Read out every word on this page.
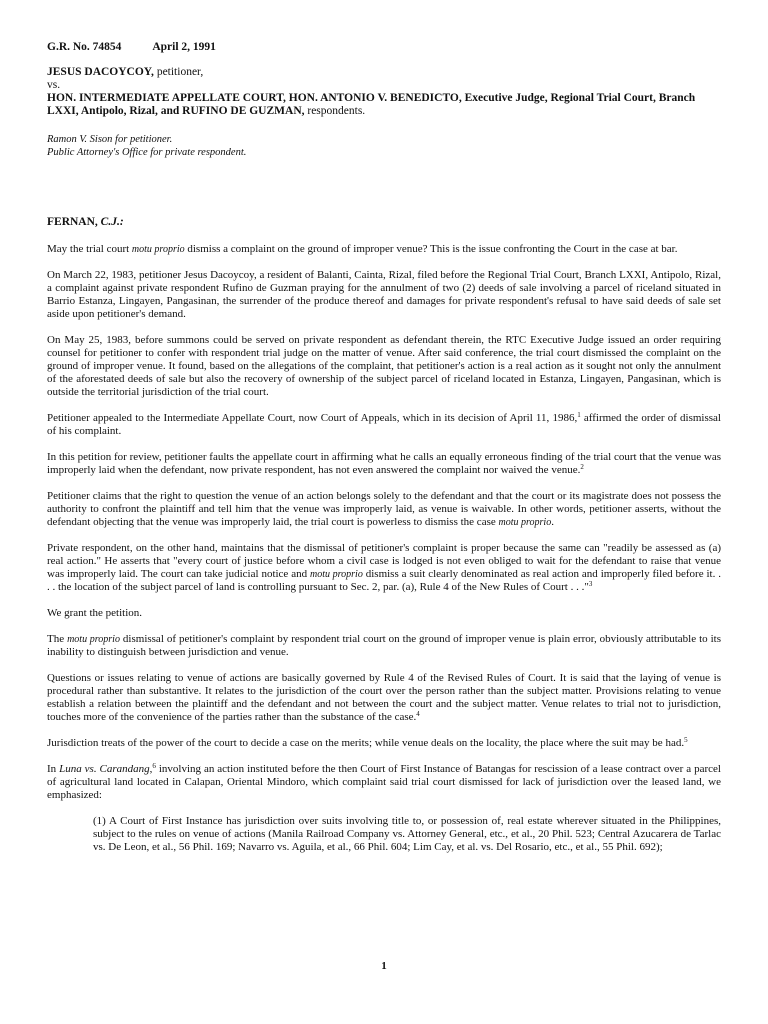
G.R. No. 74854	April 2, 1991
JESUS DACOYCOY, petitioner,
vs.
HON. INTERMEDIATE APPELLATE COURT, HON. ANTONIO V. BENEDICTO, Executive Judge, Regional Trial Court, Branch LXXI, Antipolo, Rizal, and RUFINO DE GUZMAN, respondents.
Ramon V. Sison for petitioner.
Public Attorney's Office for private respondent.
FERNAN, C.J.:

May the trial court motu proprio dismiss a complaint on the ground of improper venue? This is the issue confronting the Court in the case at bar.

On March 22, 1983, petitioner Jesus Dacoycoy, a resident of Balanti, Cainta, Rizal, filed before the Regional Trial Court, Branch LXXI, Antipolo, Rizal, a complaint against private respondent Rufino de Guzman praying for the annulment of two (2) deeds of sale involving a parcel of riceland situated in Barrio Estanza, Lingayen, Pangasinan, the surrender of the produce thereof and damages for private respondent's refusal to have said deeds of sale set aside upon petitioner's demand.

On May 25, 1983, before summons could be served on private respondent as defendant therein, the RTC Executive Judge issued an order requiring counsel for petitioner to confer with respondent trial judge on the matter of venue. After said conference, the trial court dismissed the complaint on the ground of improper venue. It found, based on the allegations of the complaint, that petitioner's action is a real action as it sought not only the annulment of the aforestated deeds of sale but also the recovery of ownership of the subject parcel of riceland located in Estanza, Lingayen, Pangasinan, which is outside the territorial jurisdiction of the trial court.

Petitioner appealed to the Intermediate Appellate Court, now Court of Appeals, which in its decision of April 11, 1986,$^1$ affirmed the order of dismissal of his complaint.

In this petition for review, petitioner faults the appellate court in affirming what he calls an equally erroneous finding of the trial court that the venue was improperly laid when the defendant, now private respondent, has not even answered the complaint nor waived the venue.$^2$

Petitioner claims that the right to question the venue of an action belongs solely to the defendant and that the court or its magistrate does not possess the authority to confront the plaintiff and tell him that the venue was improperly laid, as venue is waivable. In other words, petitioner asserts, without the defendant objecting that the venue was improperly laid, the trial court is powerless to dismiss the case motu proprio.

Private respondent, on the other hand, maintains that the dismissal of petitioner's complaint is proper because the same can "readily be assessed as (a) real action." He asserts that "every court of justice before whom a civil case is lodged is not even obliged to wait for the defendant to raise that venue was improperly laid. The court can take judicial notice and motu proprio dismiss a suit clearly denominated as real action and improperly filed before it. . . . the location of the subject parcel of land is controlling pursuant to Sec. 2, par. (a), Rule 4 of the New Rules of Court . . ."$^3$

We grant the petition.

The motu proprio dismissal of petitioner's complaint by respondent trial court on the ground of improper venue is plain error, obviously attributable to its inability to distinguish between jurisdiction and venue.

Questions or issues relating to venue of actions are basically governed by Rule 4 of the Revised Rules of Court. It is said that the laying of venue is procedural rather than substantive. It relates to the jurisdiction of the court over the person rather than the subject matter. Provisions relating to venue establish a relation between the plaintiff and the defendant and not between the court and the subject matter. Venue relates to trial not to jurisdiction, touches more of the convenience of the parties rather than the substance of the case.$^4$

Jurisdiction treats of the power of the court to decide a case on the merits; while venue deals on the locality, the place where the suit may be had.$^5$

In Luna vs. Carandang,$^6$ involving an action instituted before the then Court of First Instance of Batangas for rescission of a lease contract over a parcel of agricultural land located in Calapan, Oriental Mindoro, which complaint said trial court dismissed for lack of jurisdiction over the leased land, we emphasized:

(1) A Court of First Instance has jurisdiction over suits involving title to, or possession of, real estate wherever situated in the Philippines, subject to the rules on venue of actions (Manila Railroad Company vs. Attorney General, etc., et al., 20 Phil. 523; Central Azucarera de Tarlac vs. De Leon, et al., 56 Phil. 169; Navarro vs. Aguila, et al., 66 Phil. 604; Lim Cay, et al. vs. Del Rosario, etc., et al., 55 Phil. 692);

1
